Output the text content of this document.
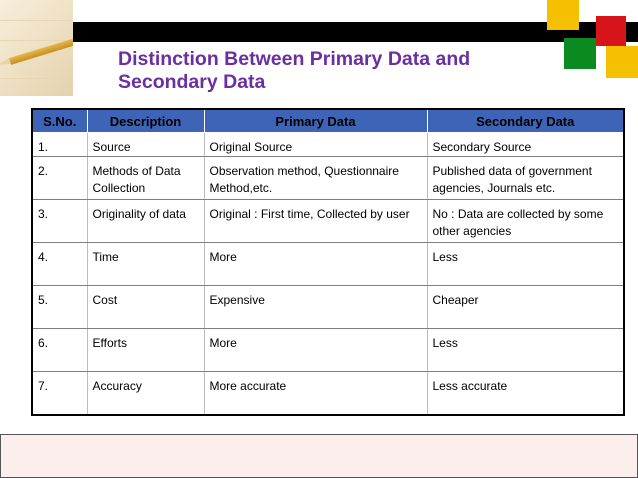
Distinction Between Primary Data and
Secondary Data
S.No.	Description	Primary Data	Secondary Data

1.	Source	Original Source	Secondary Source

2.	Methods of Data Collection	Observation method, Questionnaire Method,etc.	Published data of government agencies, Journals etc.

3.	Originality of data	Original : First time, Collected by user	No : Data are collected by some other agencies

4.	Time	More	Less

5.	Cost	Expensive	Cheaper

6.	Efforts	More	Less

7.	Accuracy	More accurate	Less accurate
